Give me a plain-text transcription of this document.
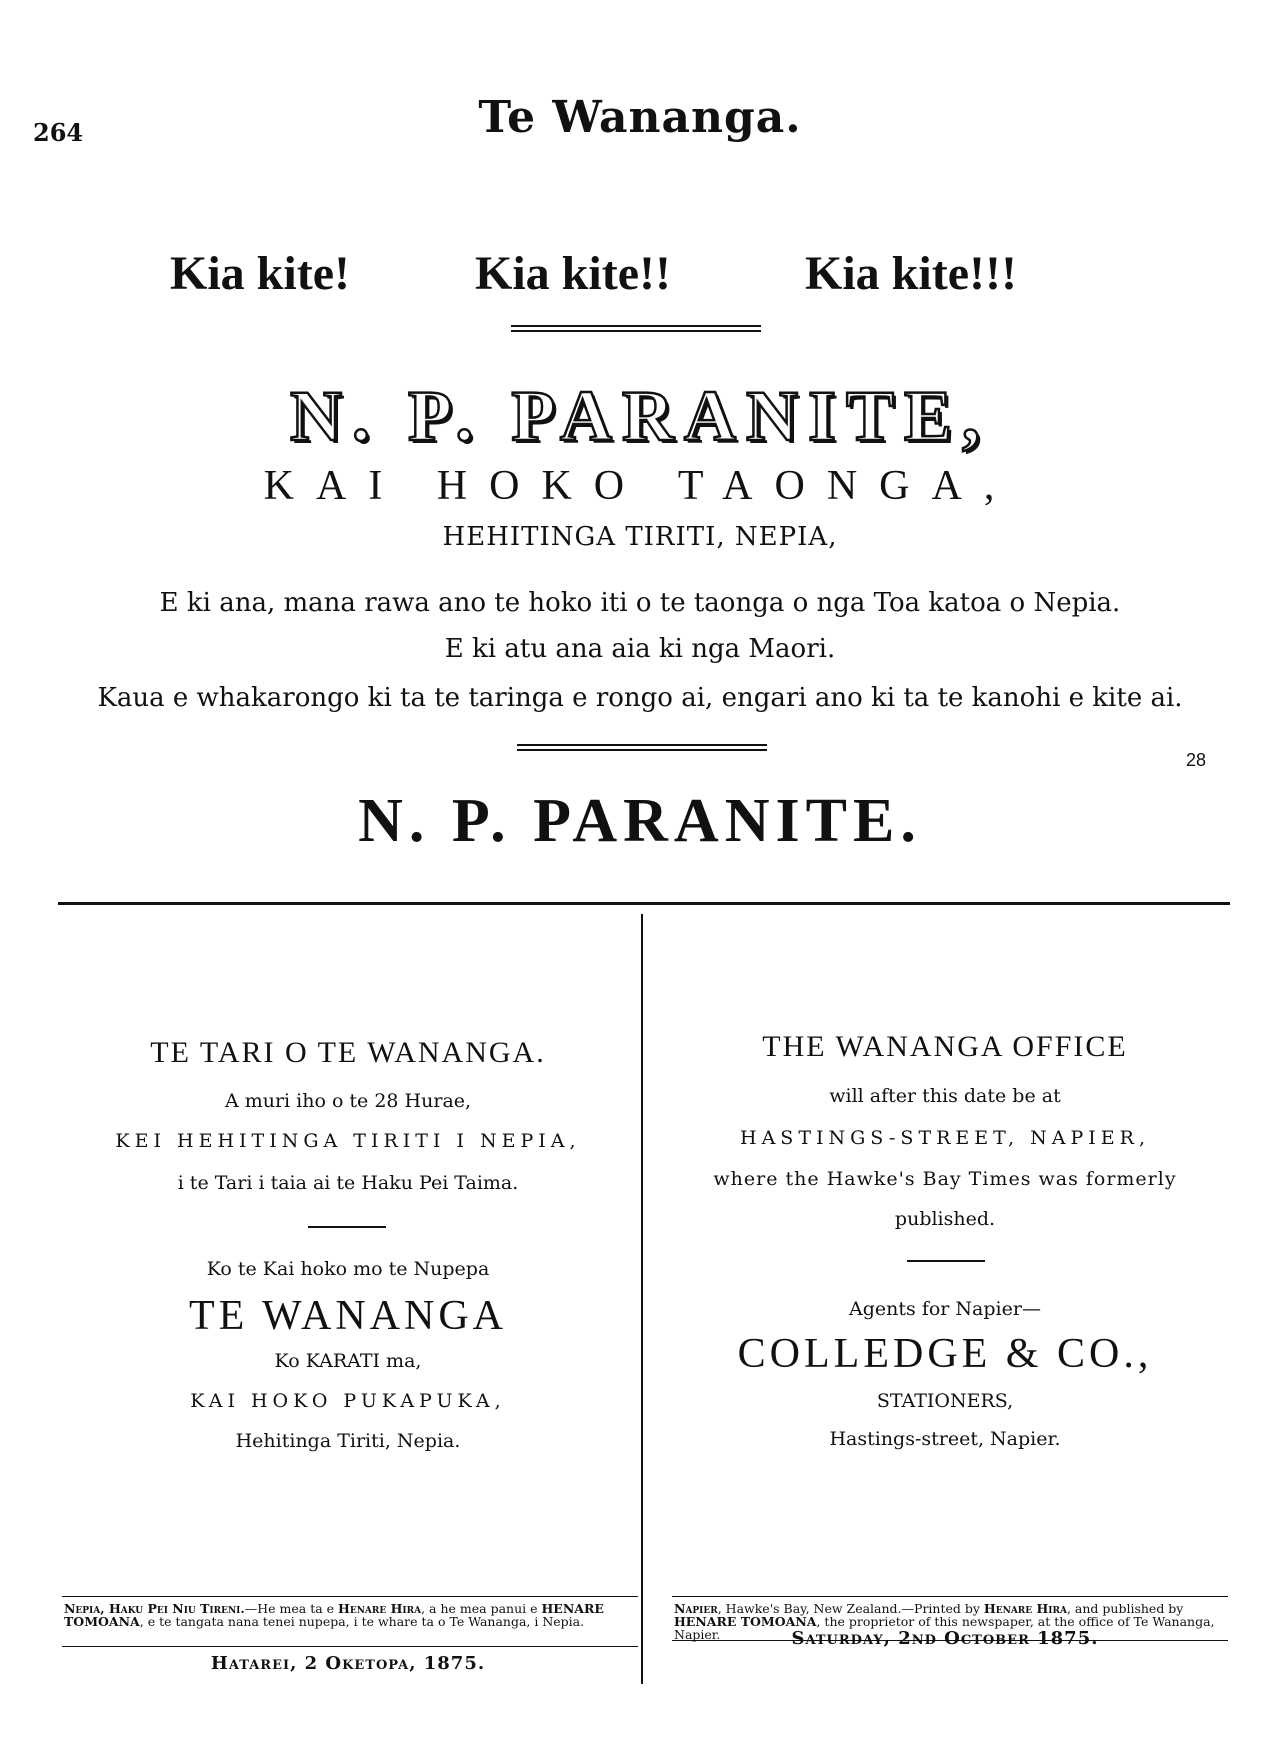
264	Te Wananga.
Kia kite!	Kia kite!!	Kia kite!!!
N. P. PARANITE,
KAI HOKO TAONGA,
HEHITINGA TIRITI, NEPIA,
E ki ana, mana rawa ano te hoko iti o te taonga o nga Toa katoa o Nepia.
E ki atu ana aia ki nga Maori.
Kaua e whakarongo ki ta te taringa e rongo ai, engari ano ki ta te kanohi e kite ai.
28
N. P. PARANITE.
TE TARI O TE WANANGA.
A muri iho o te 28 Hurae,
KEI HEHITINGA TIRITI I NEPIA,
i te Tari i taia ai te Haku Pei Taima.
Ko te Kai hoko mo te Nupepa
TE WANANGA
Ko KARATI ma,
KAI HOKO PUKAPUKA,
Hehitinga Tiriti, Nepia.
Nepia, Haku Pei Niu Tireni.—He mea ta e Henare Hira, a he mea panui e HENARE TOMOANA, e te tangata nana tenei nupepa, i te whare ta o Te Wananga, i Nepia.
Hatarei, 2 Oketopa, 1875.
THE WANANGA OFFICE
will after this date be at
HASTINGS-STREET, NAPIER,
where the Hawke's Bay Times was formerly
published.
Agents for Napier—
COLLEDGE & CO.,
STATIONERS,
Hastings-street, Napier.
Napier, Hawke's Bay, New Zealand.—Printed by Henare Hira, and published by HENARE TOMOANA, the proprietor of this newspaper, at the office of Te Wananga, Napier.	Saturday, 2nd October 1875.
